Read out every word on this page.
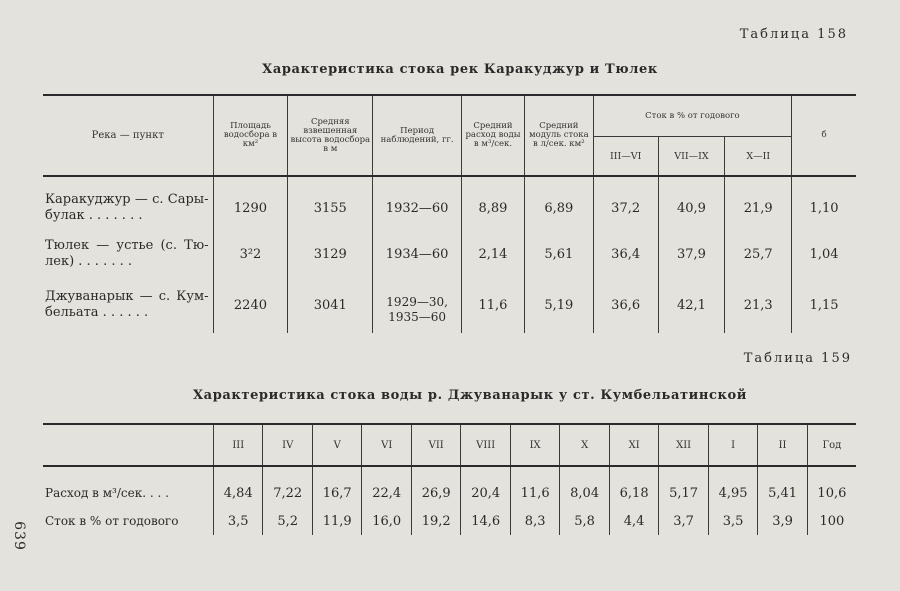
Таблица 158
Характеристика стока рек Каракуджур и Тюлек
Река — пункт	Площадь водосбора в км²	Средняя взвешенная высота водосбора в м	Период наблюдений, гг.	Средний расход воды в м³/сек.	Средний модуль стока в л/сек. км²	Сток в % от годового			б
						III—VI	VII—IX	X—II	

Каракуджур — с. Сары-
булак . . . . . . .	1290	3155	1932—60	8,89	6,89	37,2	40,9	21,9	1,10

Тюлек — устье (с. Тю-
лек) . . . . . . .	3²2	3129	1934—60	2,14	5,61	36,4	37,9	25,7	1,04

Джуванарык — с. Кум-
бельата . . . . . .	2240	3041	1929—30, 1935—60	11,6	5,19	36,6	42,1	21,3	1,15
Таблица 159
Характеристика стока воды р. Джуванарык у ст. Кумбельатинской
	III	IV	V	VI	VII	VIII	IX	X	XI	XII	I	II	Год
Расход в м³/сек. . . .	4,84	7,22	16,7	22,4	26,9	20,4	11,6	8,04	6,18	5,17	4,95	5,41	10,6
Сток в % от годового	3,5	5,2	11,9	16,0	19,2	14,6	8,3	5,8	4,4	3,7	3,5	3,9	100
639
